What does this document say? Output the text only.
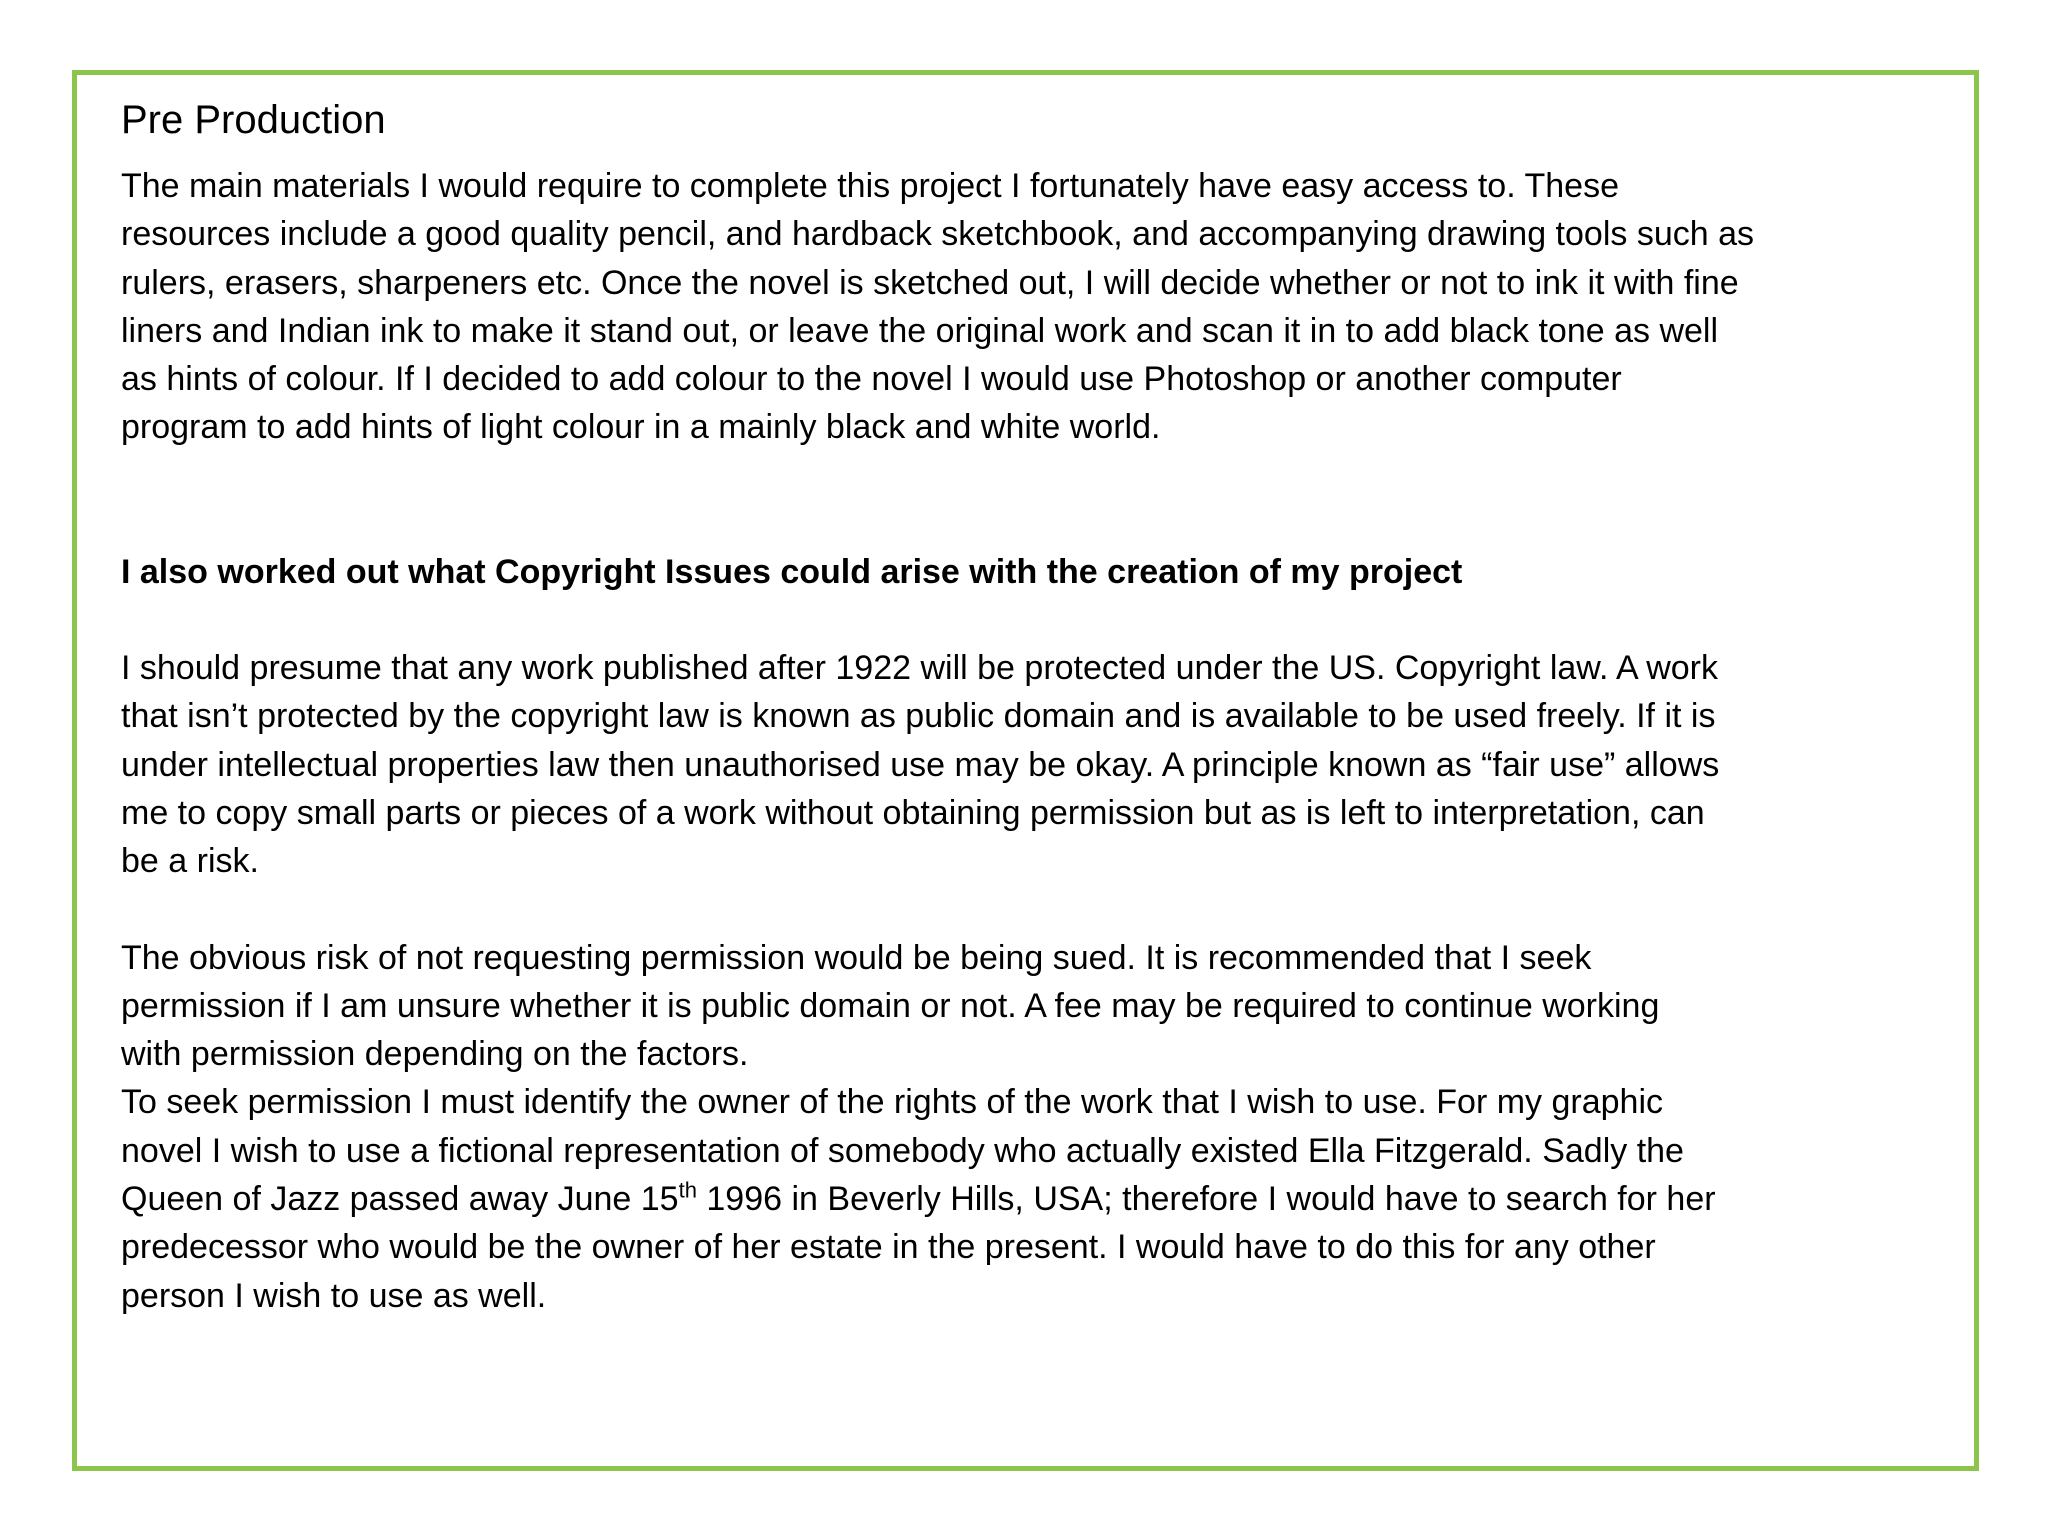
Pre Production

The main materials I would require to complete this project I fortunately have easy access to. These
resources include a good quality pencil, and hardback sketchbook, and accompanying drawing tools such as
rulers, erasers, sharpeners etc. Once the novel is sketched out, I will decide whether or not to ink it with fine
liners and Indian ink to make it stand out, or leave the original work and scan it in to add black tone as well
as hints of colour. If I decided to add colour to the novel I would use Photoshop or another computer
program to add hints of light colour in a mainly black and white world.

I also worked out what Copyright Issues could arise with the creation of my project

I should presume that any work published after 1922 will be protected under the US. Copyright law. A work
that isn’t protected by the copyright law is known as public domain and is available to be used freely. If it is
under intellectual properties law then unauthorised use may be okay. A principle known as “fair use” allows
me to copy small parts or pieces of a work without obtaining permission but as is left to interpretation, can
be a risk.

The obvious risk of not requesting permission would be being sued. It is recommended that I seek
permission if I am unsure whether it is public domain or not. A fee may be required to continue working
with permission depending on the factors.
To seek permission I must identify the owner of the rights of the work that I wish to use. For my graphic
novel I wish to use a fictional representation of somebody who actually existed Ella Fitzgerald. Sadly the
Queen of Jazz passed away June 15th 1996 in Beverly Hills, USA; therefore I would have to search for her
predecessor who would be the owner of her estate in the present. I would have to do this for any other
person I wish to use as well.
